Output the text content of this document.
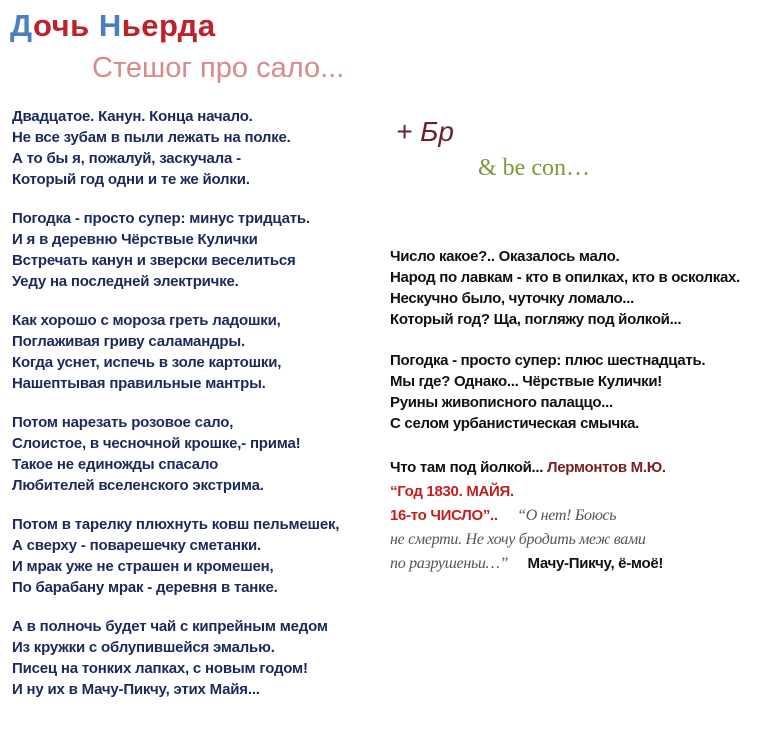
Дочь Ньерда
Стешог про сало...
Двадцатое. Канун. Конца начало.
Не все зубам в пыли лежать на полке.
А то бы я, пожалуй, заскучала -
Который год одни и те же йолки.
Погодка - просто супер: минус тридцать.
И я в деревню Чёрствые Кулички
Встречать канун и зверски веселиться
Уеду на последней электричке.
Как хорошо с мороза греть ладошки,
Поглаживая гриву саламандры.
Когда уснет, испечь в золе картошки,
Нашептывая правильные мантры.
Потом нарезать розовое сало,
Слоистое, в чесночной крошке,- прима!
Такое не единожды спасало
Любителей вселенского экстрима.
Потом в тарелку плюхнуть ковш пельмешек,
А сверху - поварешечку сметанки.
И мрак уже не страшен и кромешен,
По барабану мрак - деревня в танке.
А в полночь будет чай с кипрейным медом
Из кружки с облупившейся эмалью.
Писец на тонких лапках, с новым годом!
И ну их в Мачу-Пикчу, этих Майя...
+ Бр
& be con…
Число какое?.. Оказалось мало.
Народ по лавкам - кто в опилках, кто в осколках.
Нескучно было, чуточку ломало...
Который год? Ща, погляжу под йолкой...
Погодка - просто супер: плюс шестнадцать.
Мы где? Однако... Чёрствые Кулички!
Руины живописного палаццо...
С селом урбанистическая смычка.
Что там под йолкой... Лермонтов М.Ю.
“Год 1830. МАЙЯ.
16-то ЧИСЛО”.. “О нет! Боюсь
не смерти. Не хочу бродить меж вами
по разрушеньи…” Мачу-Пикчу, ё-моё!
